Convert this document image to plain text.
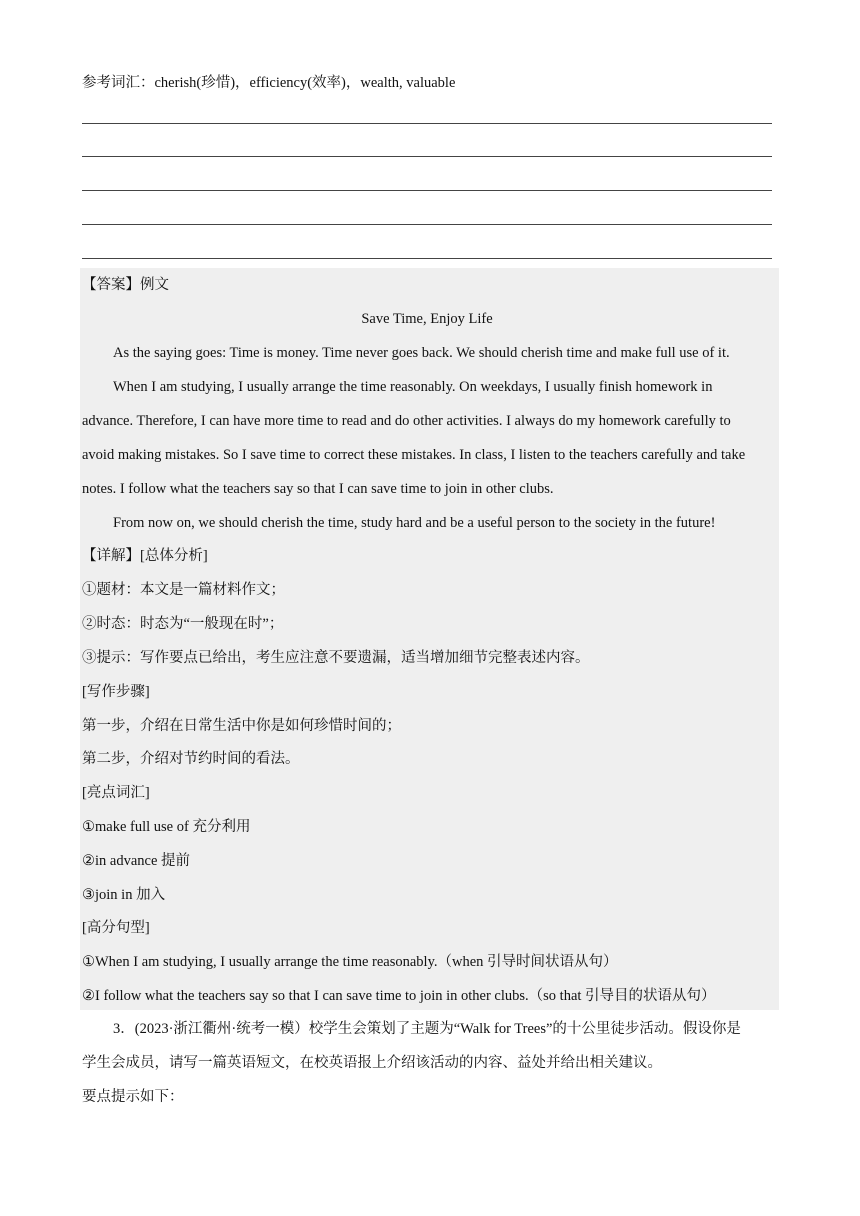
参考词汇：cherish(珍惜)，efficiency(效率)，wealth, valuable
【答案】例文
Save Time, Enjoy Life
As the saying goes: Time is money. Time never goes back. We should cherish time and make full use of it.
When I am studying, I usually arrange the time reasonably. On weekdays, I usually finish homework in
advance. Therefore, I can have more time to read and do other activities. I always do my homework carefully to
avoid making mistakes. So I save time to correct these mistakes. In class, I listen to the teachers carefully and take
notes. I follow what the teachers say so that I can save time to join in other clubs.
From now on, we should cherish the time, study hard and be a useful person to the society in the future!
【详解】[总体分析]
①题材：本文是一篇材料作文；
②时态：时态为“一般现在时”；
③提示：写作要点已给出，考生应注意不要遗漏，适当增加细节完整表述内容。
[写作步骤]
第一步，介绍在日常生活中你是如何珍惜时间的；
第二步，介绍对节约时间的看法。
[亮点词汇]
①make full use of 充分利用
②in advance 提前
③join in 加入
[高分句型]
①When I am studying, I usually arrange the time reasonably.（when 引导时间状语从句）
②I follow what the teachers say so that I can save time to join in other clubs.（so that 引导目的状语从句）
3．(2023·浙江衢州·统考一模）校学生会策划了主题为“Walk for Trees”的十公里徒步活动。假设你是
学生会成员，请写一篇英语短文，在校英语报上介绍该活动的内容、益处并给出相关建议。
要点提示如下：
